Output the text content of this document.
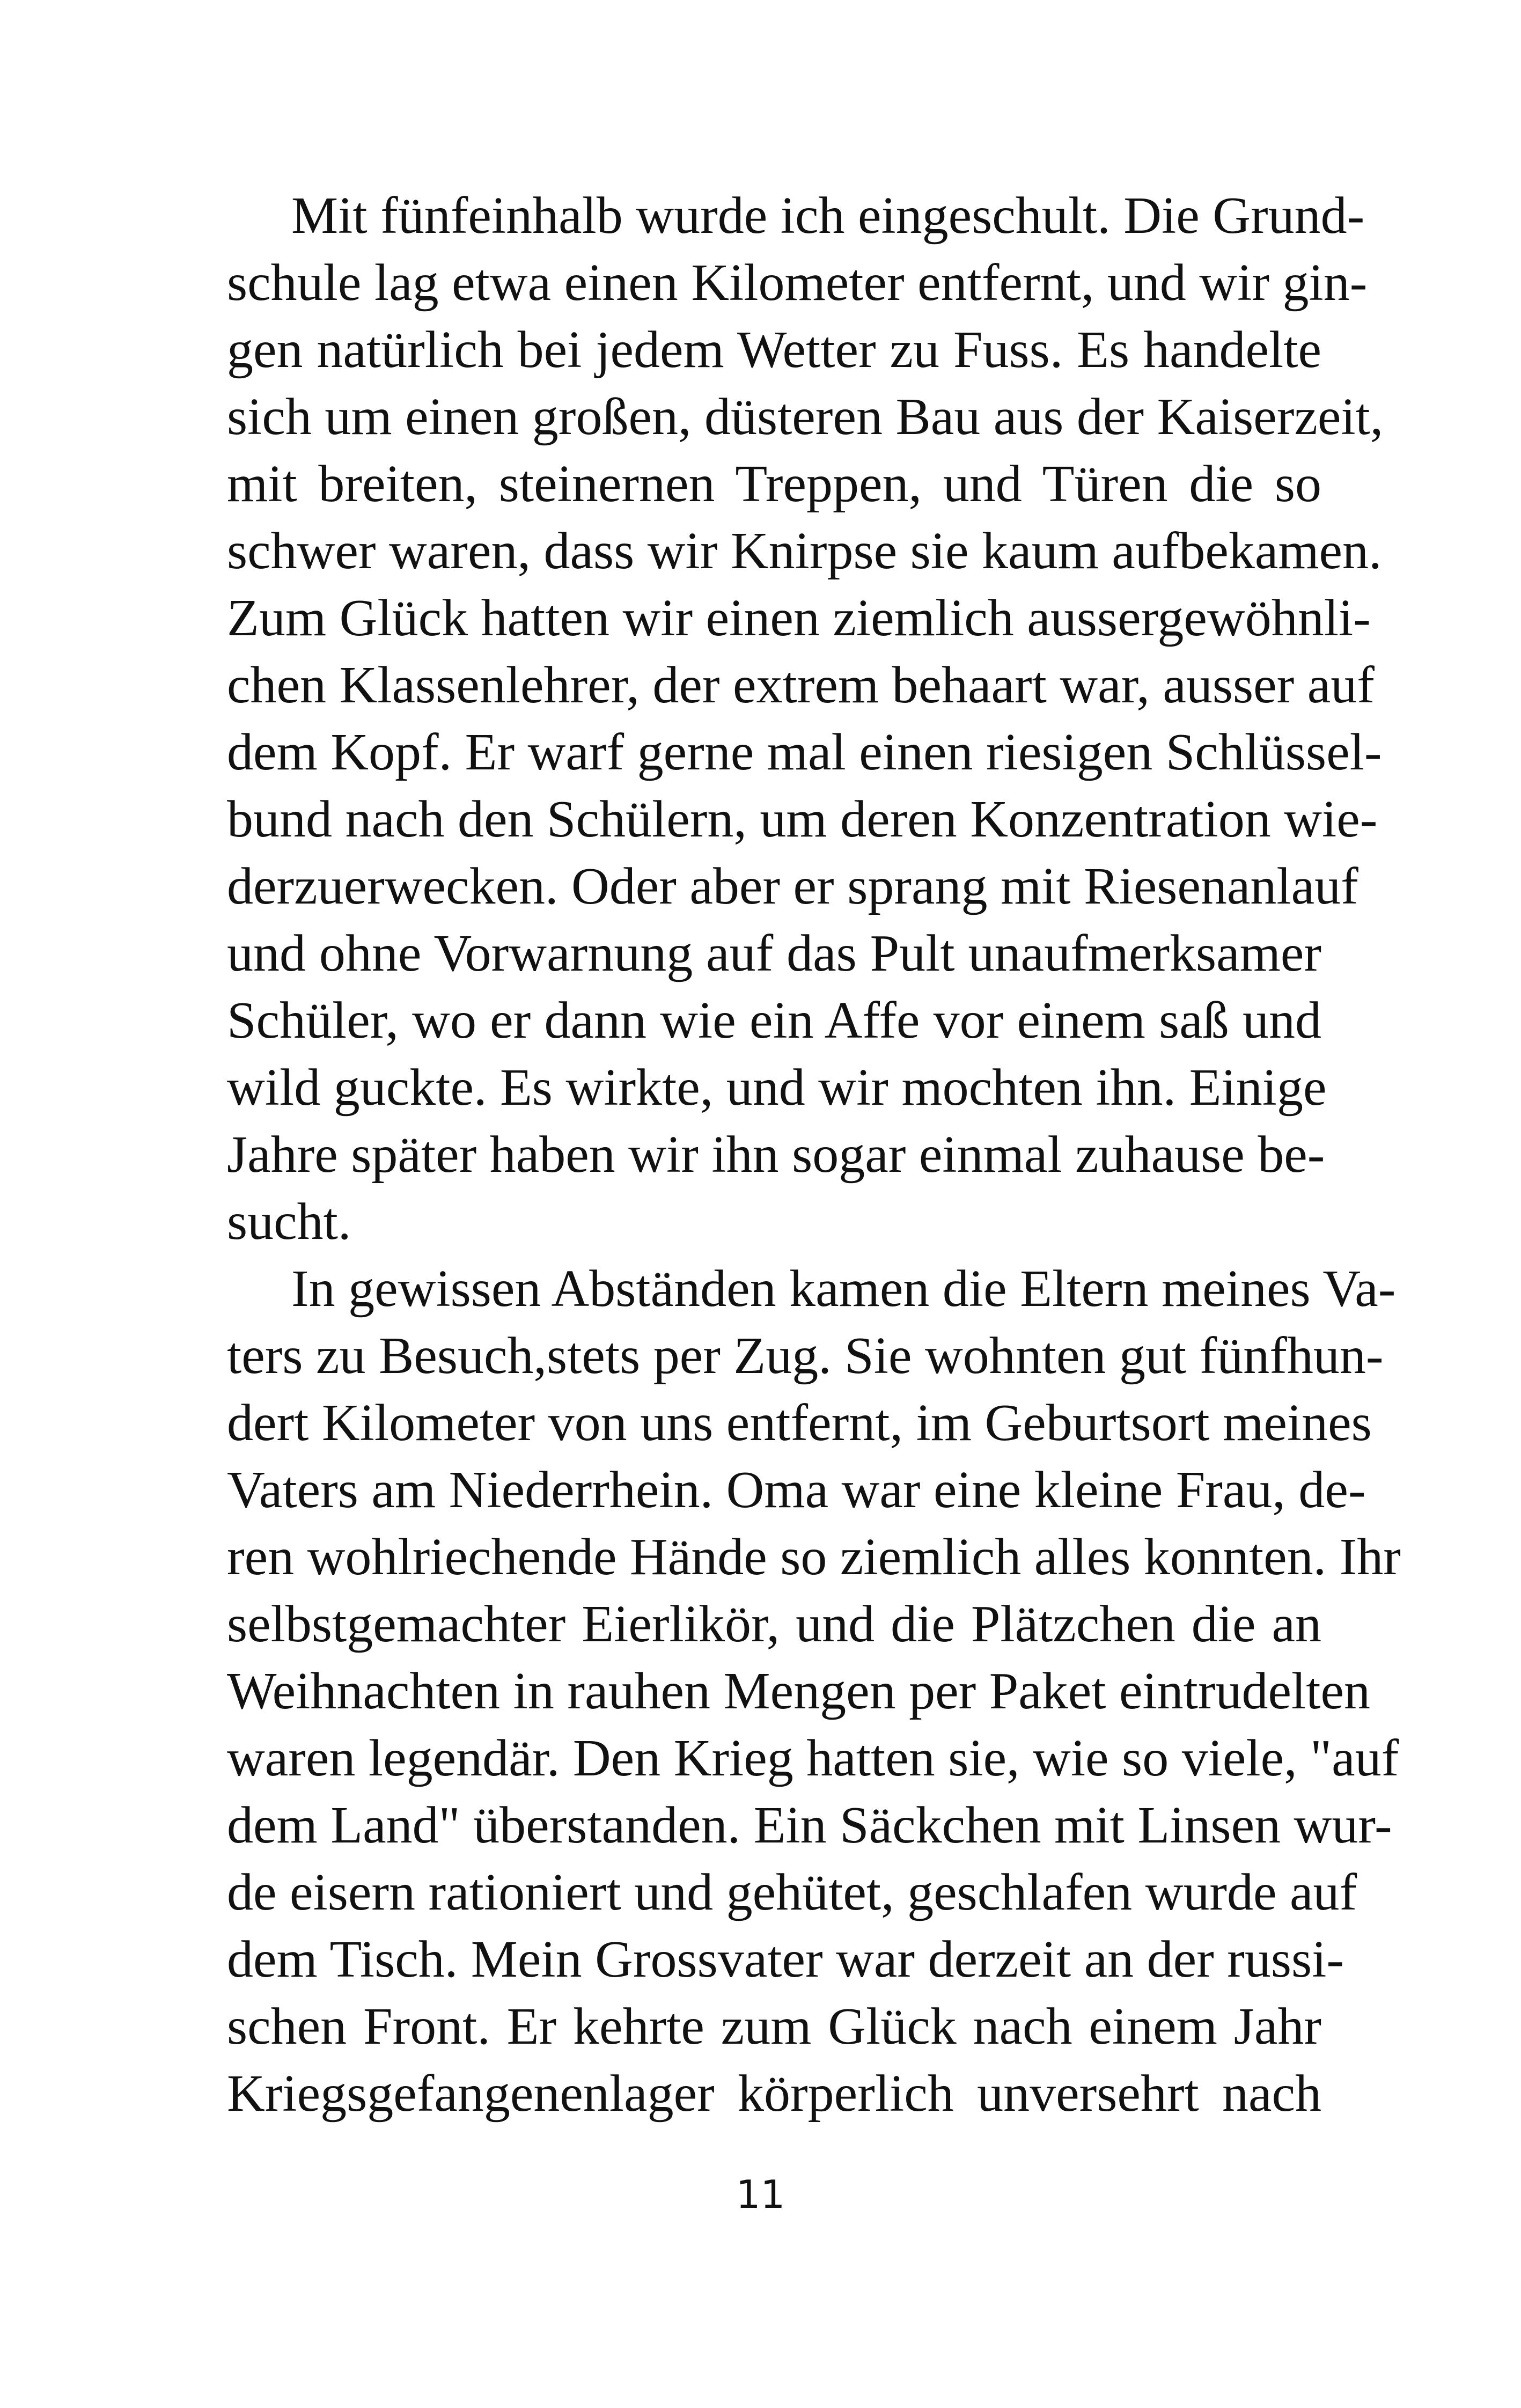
Mit fünfeinhalb wurde ich eingeschult. Die Grund-
schule lag etwa einen Kilometer entfernt, und wir gin-
gen natürlich bei jedem Wetter zu Fuss. Es handelte
sich um einen großen, düsteren Bau aus der Kaiserzeit,
mit breiten, steinernen Treppen, und Türen die so
schwer waren, dass wir Knirpse sie kaum aufbekamen.
Zum Glück hatten wir einen ziemlich aussergewöhnli-
chen Klassenlehrer, der extrem behaart war, ausser auf
dem Kopf. Er warf gerne mal einen riesigen Schlüssel-
bund nach den Schülern, um deren Konzentration wie-
derzuerwecken. Oder aber er sprang mit Riesenanlauf
und ohne Vorwarnung auf das Pult unaufmerksamer
Schüler, wo er dann wie ein Affe vor einem saß und
wild guckte. Es wirkte, und wir mochten ihn. Einige
Jahre später haben wir ihn sogar einmal zuhause be-
sucht.
In gewissen Abständen kamen die Eltern meines Va-
ters zu Besuch,stets per Zug. Sie wohnten gut fünfhun-
dert Kilometer von uns entfernt, im Geburtsort meines
Vaters am Niederrhein. Oma war eine kleine Frau, de-
ren wohlriechende Hände so ziemlich alles konnten. Ihr
selbstgemachter Eierlikör, und die Plätzchen die an
Weihnachten in rauhen Mengen per Paket eintrudelten
waren legendär. Den Krieg hatten sie, wie so viele, "auf
dem Land" überstanden. Ein Säckchen mit Linsen wur-
de eisern rationiert und gehütet, geschlafen wurde auf
dem Tisch. Mein Grossvater war derzeit an der russi-
schen Front. Er kehrte zum Glück nach einem Jahr
Kriegsgefangenenlager körperlich unversehrt nach
11
